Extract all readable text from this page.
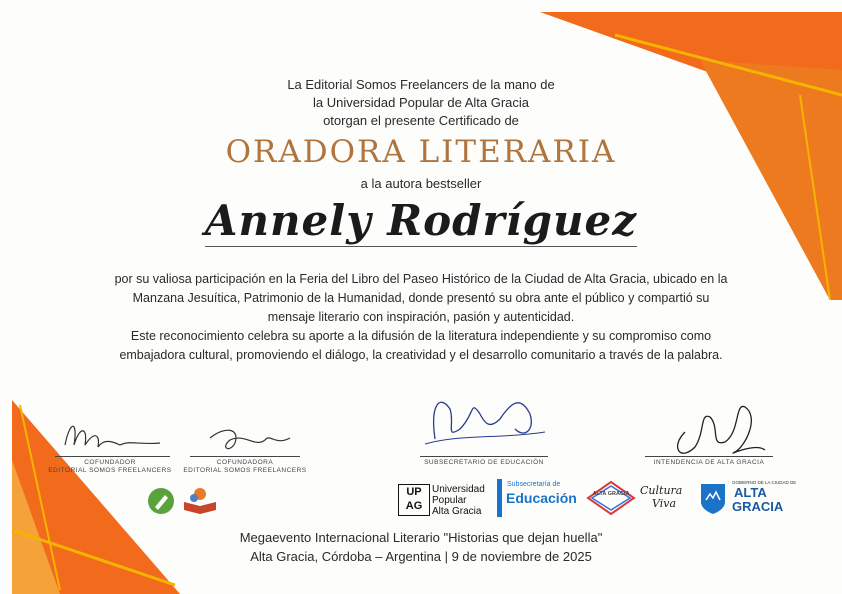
La Editorial Somos Freelancers de la mano de
la Universidad Popular de Alta Gracia
otorgan el presente Certificado de
ORADORA LITERARIA
a la autora bestseller
Annely Rodríguez
por su valiosa participación en la Feria del Libro del Paseo Histórico de la Ciudad de Alta Gracia, ubicado en la
Manzana Jesuítica, Patrimonio de la Humanidad, donde presentó su obra ante el público y compartió su
mensaje literario con inspiración, pasión y autenticidad.
Este reconocimiento celebra su aporte a la difusión de la literatura independiente y su compromiso como
embajadora cultural, promoviendo el diálogo, la creatividad y el desarrollo comunitario a través de la palabra.
COFUNDADOR
EDITORIAL SOMOS FREELANCERS
COFUNDADORA
EDITORIAL SOMOS FREELANCERS
SUBSECRETARIO DE EDUCACIÓN	INTENDENCIA DE ALTA GRACIA
UP
AG
Universidad
Popular
Alta Gracia
Subsecretaría de
Educación	ALTA GRACIA Cultura
Viva
GOBIERNO DE LA CIUDAD DE
ALTA
GRACIA
Megaevento Internacional Literario "Historias que dejan huella"
Alta Gracia, Córdoba – Argentina | 9 de noviembre de 2025
